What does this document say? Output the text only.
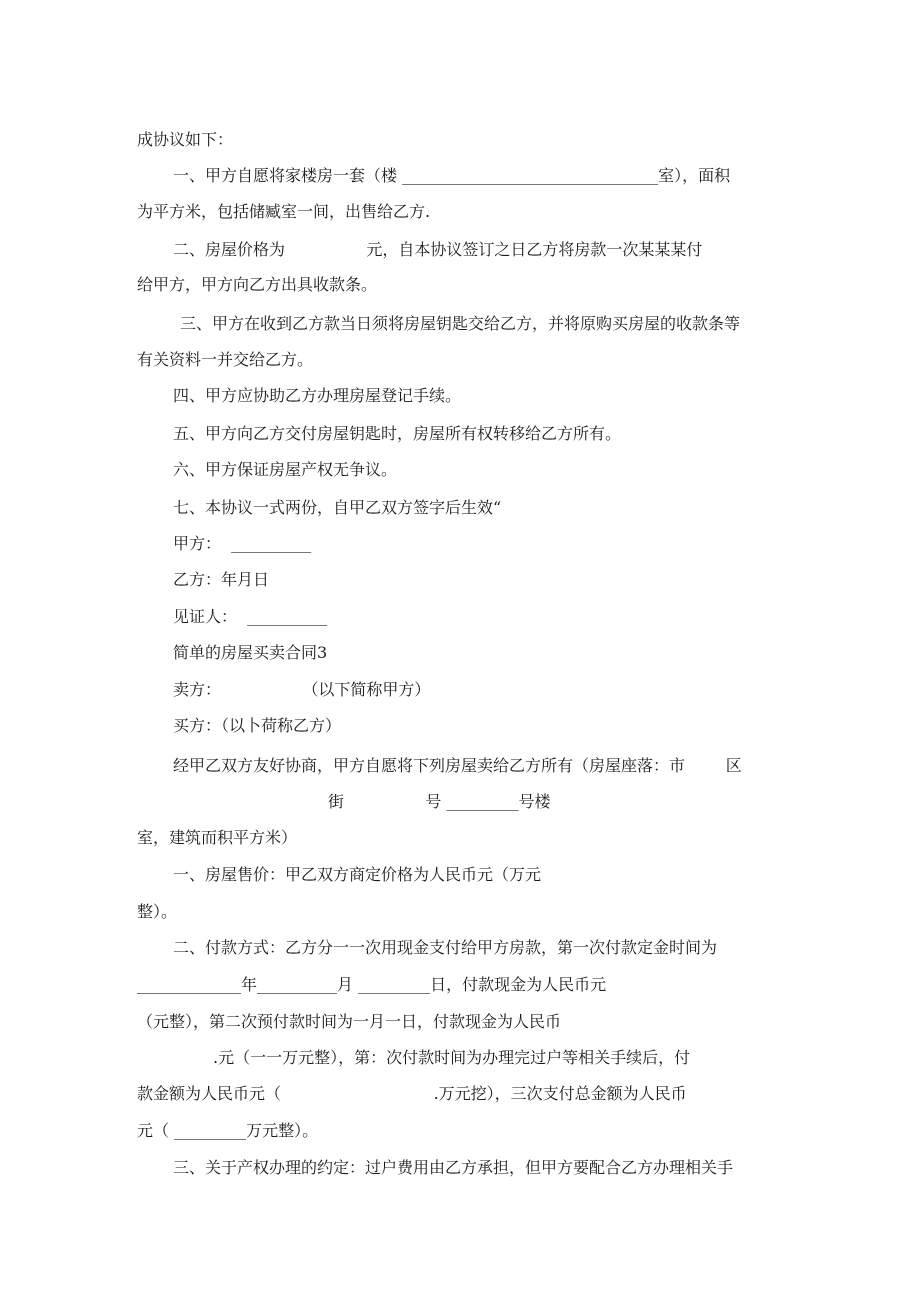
成协议如下：
一、甲方自愿将家楼房一套（楼 ________________________________室），面积
为平方米，包括储臧室一间，出售给乙方.
二、房屋价格为                元，自本协议签订之日乙方将房款一次某某某付
给甲方，甲方向乙方出具收款条。
三、甲方在收到乙方款当日须将房屋钥匙交给乙方，并将原购买房屋的收款条等
有关资料一并交给乙方。
四、甲方应协助乙方办理房屋登记手续。
五、甲方向乙方交付房屋钥匙时，房屋所有权转移给乙方所有。
六、甲方保证房屋产权无争议。
七、本协议一式两份，自甲乙双方签字后生效“
甲方：  __________
乙方：年月日
见证人：  __________
简单的房屋买卖合同3
卖方：                （以下简称甲方）
买方：（以卜荷称乙方）
经甲乙双方友好协商，甲方自愿将下列房屋卖给乙方所有（房屋座落：市        区
街                号 _________号楼
室，建筑而积平方米）
一、房屋售价：甲乙双方商定价格为人民币元（万元
整）。
二、付款方式：乙方分一一次用现金支付给甲方房款，第一次付款定金时间为
_____________年__________月 _________日，付款现金为人民币元
（元整），第二次预付款时间为一月一日，付款现金为人民币
.元（一一万元整），第：次付款时间为办理完过户等相关手续后，付
款金额为人民币元（                              .万元挖），三次支付总金额为人民币
元（ _________万元整）。
三、关于产权办理的约定：过户费用由乙方承担，但甲方要配合乙方办理相关手
